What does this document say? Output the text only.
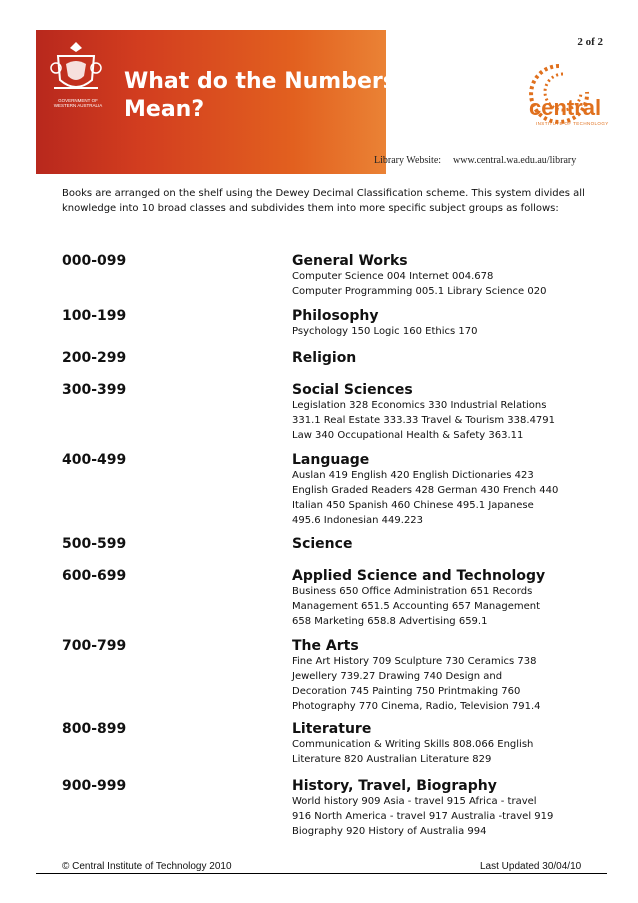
GOVERNMENT OF
WESTERN AUSTRALIA
What do the Numbers
Mean?
2 of 2
central
INSTITUTE OF TECHNOLOGY
Library Website: www.central.wa.edu.au/library
Books are arranged on the shelf using the Dewey Decimal Classification scheme. This system divides all knowledge into 10 broad classes and subdivides them into more specific subject groups as follows:
000-099	General Works
Computer Science 004 Internet 004.678
Computer Programming 005.1 Library Science 020
100-199	Philosophy
Psychology 150 Logic 160 Ethics 170
200-299	Religion
300-399	Social Sciences
Legislation 328 Economics 330 Industrial Relations
331.1 Real Estate 333.33 Travel & Tourism 338.4791
Law 340 Occupational Health & Safety 363.11
400-499	Language
Auslan 419 English 420 English Dictionaries 423
English Graded Readers 428 German 430 French 440
Italian 450 Spanish 460 Chinese 495.1 Japanese
495.6 Indonesian 449.223
500-599	Science
600-699	Applied Science and Technology
Business 650 Office Administration 651 Records
Management 651.5 Accounting 657 Management
658 Marketing 658.8 Advertising 659.1
700-799	The Arts
Fine Art History 709 Sculpture 730 Ceramics 738
Jewellery 739.27 Drawing 740 Design and
Decoration 745 Painting 750 Printmaking 760
Photography 770 Cinema, Radio, Television 791.4
800-899	Literature
Communication & Writing Skills 808.066 English
Literature 820 Australian Literature 829
900-999	History, Travel, Biography
World history 909 Asia - travel 915 Africa - travel
916 North America - travel 917 Australia -travel 919
Biography 920 History of Australia 994
© Central Institute of Technology 2010	Last Updated 30/04/10
